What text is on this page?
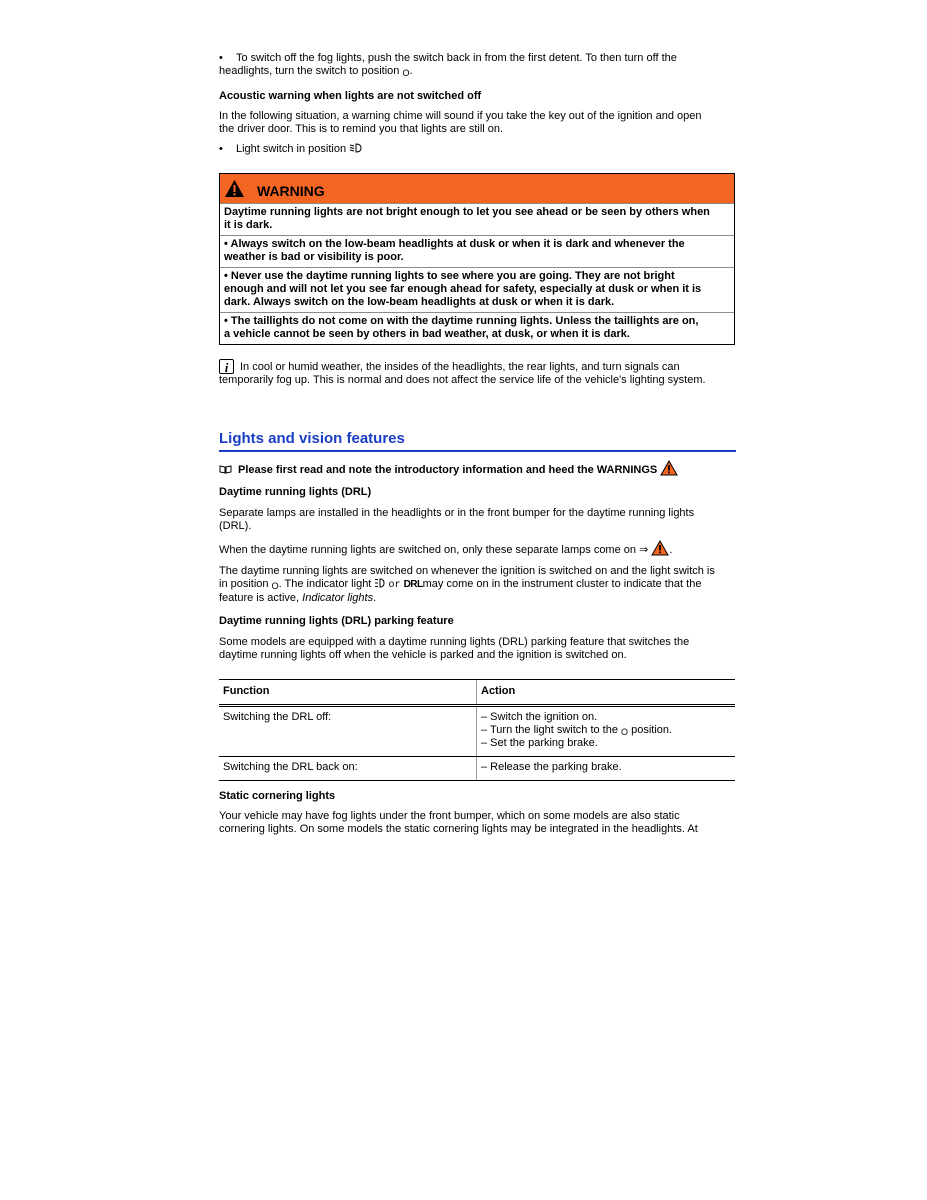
•	To switch off the fog lights, push the switch back in from the first detent. To then turn off the

headlights, turn the switch to position O.

Acoustic warning when lights are not switched off

In the following situation, a warning chime will sound if you take the key out of the ignition and open

the driver door. This is to remind you that lights are still on.

•	Light switch in position

WARNING

Daytime running lights are not bright enough to let you see ahead or be seen by others when

it is dark.

• Always switch on the low-beam headlights at dusk or when it is dark and whenever the

weather is bad or visibility is poor.

• Never use the daytime running lights to see where you are going. They are not bright

enough and will not let you see far enough ahead for safety, especially at dusk or when it is

dark. Always switch on the low-beam headlights at dusk or when it is dark.

• The taillights do not come on with the daytime running lights. Unless the taillights are on,

a vehicle cannot be seen by others in bad weather, at dusk, or when it is dark.

i In cool or humid weather, the insides of the headlights, the rear lights, and turn signals can

temporarily fog up. This is normal and does not affect the service life of the vehicle's lighting system.

Lights and vision features

Please first read and note the introductory information and heed the WARNINGS

Daytime running lights (DRL)

Separate lamps are installed in the headlights or in the front bumper for the daytime running lights

(DRL).

When the daytime running lights are switched on, only these separate lamps come on ⇒ .

The daytime running lights are switched on whenever the ignition is switched on and the light switch is

in position O. The indicator light or DRLmay come on in the instrument cluster to indicate that the

feature is active, Indicator lights.

Daytime running lights (DRL) parking feature

Some models are equipped with a daytime running lights (DRL) parking feature that switches the

daytime running lights off when the vehicle is parked and the ignition is switched on.

Function	Action
Switching the DRL off:	– Switch the ignition on.
– Turn the light switch to the O position.
– Set the parking brake.

Switching the DRL back on:	– Release the parking brake.

Static cornering lights

Your vehicle may have fog lights under the front bumper, which on some models are also static

cornering lights. On some models the static cornering lights may be integrated in the headlights. At
